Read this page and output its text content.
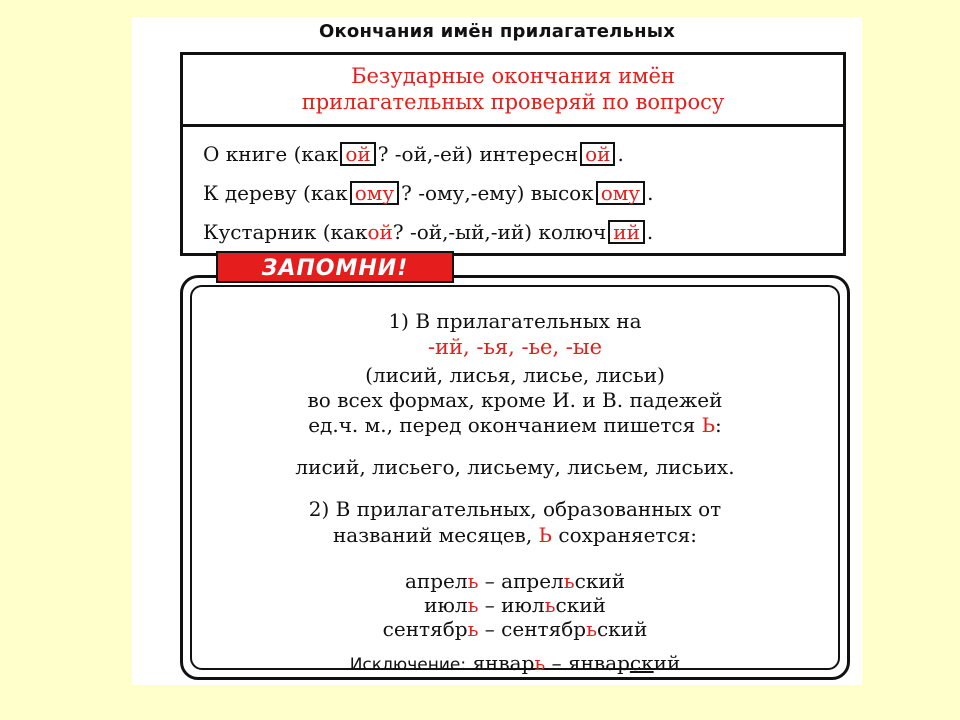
Окончания имён прилагательных
Безударные окончания имён
прилагательных проверяй по вопросу
О книге (как ой ? -ой,-ей) интересн ой .
К дереву (как ому ? -ому,-ему) высок ому .
Кустарник (какой? -ой,-ый,-ий) колюч ий .
ЗАПОМНИ!
1) В прилагательных на
-ий, -ья, -ье, -ые
(лисий, лисья, лисье, лисьи)
во всех формах, кроме И. и В. падежей
ед.ч. м., перед окончанием пишется Ь:
лисий, лисьего, лисьему, лисьем, лисьих.
2) В прилагательных, образованных от
названий месяцев, Ь сохраняется:
апрель – апрельский
июль – июльский
сентябрь – сентябрьский
Исключение: январь – январский
